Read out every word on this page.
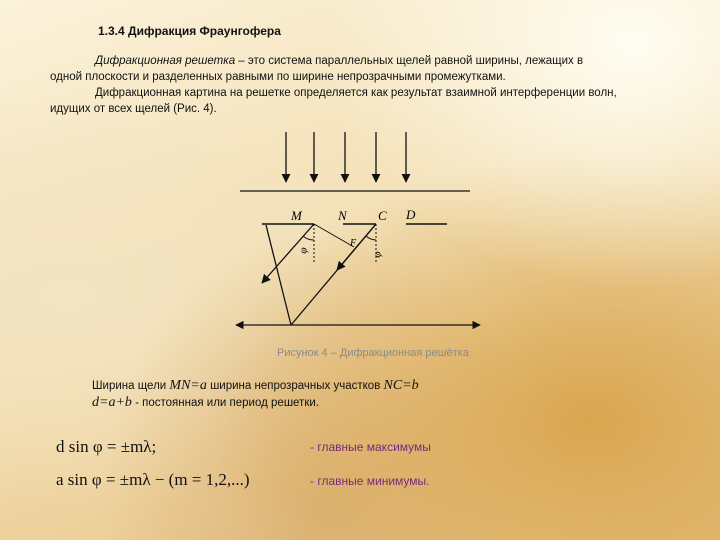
1.3.4 Дифракция Фраунгофера
Дифракционная решетка – это система параллельных щелей равной ширины, лежащих в
одной плоскости и разделенных равными по ширине непрозрачными промежутками.
Дифракционная картина на решетке определяется как результат взаимной интерференции волн,
идущих от всех щелей (Рис. 4).
M	N C D
F
φ	φ
Рисунок 4 – Дифракционная решётка
Ширина щели MN=a ширина непрозрачных участков NC=b
d=a+b - постоянная или период решетки.
d sin φ = ±mλ;	- главные максимумы
a sin φ = ±mλ − (m = 1,2,...)	- главные минимумы.
